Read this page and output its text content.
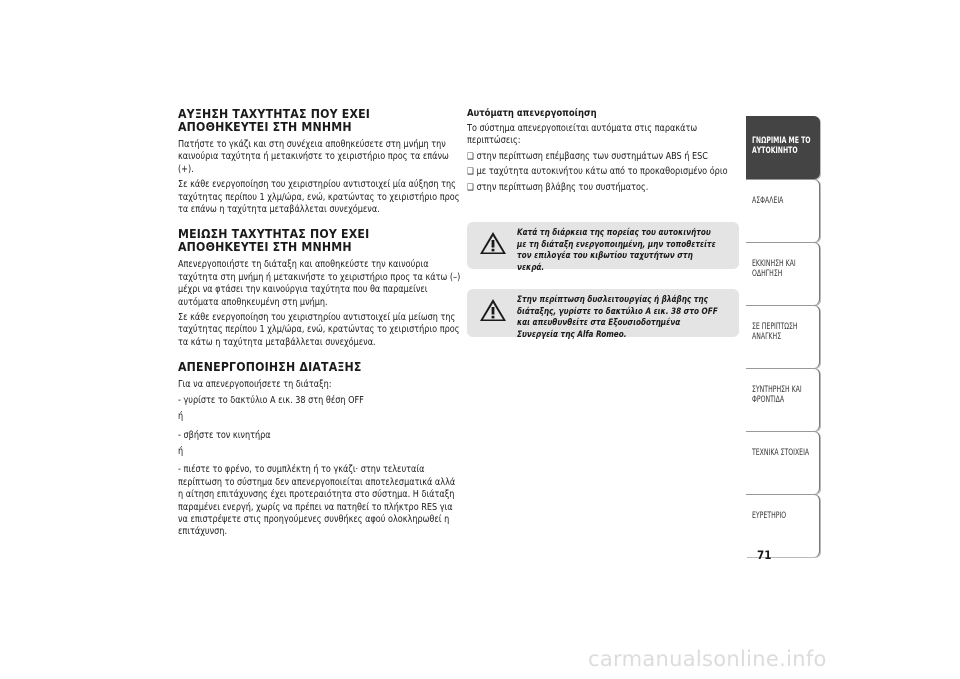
ΑΥΞΗΣΗ ΤΑΧΥΤΗΤΑΣ ΠΟΥ ΕΧΕΙ ΑΠΟΘΗΚΕΥΤΕΙ ΣΤΗ ΜΝΗΜΗ

Πατήστε το γκάζι και στη συνέχεια αποθηκεύσετε στη μνήμη την καινούρια ταχύτητα ή μετακινήστε το χειριστήριο προς τα επάνω (+).

Σε κάθε ενεργοποίηση του χειριστηρίου αντιστοιχεί μία αύξηση της ταχύτητας περίπου 1 χλμ/ώρα, ενώ, κρατώντας το χειριστήριο προς τα επάνω η ταχύτητα μεταβάλλεται συνεχόμενα.

ΜΕΙΩΣΗ ΤΑΧΥΤΗΤΑΣ ΠΟΥ ΕΧΕΙ ΑΠΟΘΗΚΕΥΤΕΙ ΣΤΗ ΜΝΗΜΗ

Απενεργοποιήστε τη διάταξη και αποθηκεύστε την καινούρια ταχύτητα στη μνήμη ή μετακινήστε το χειριστήριο προς τα κάτω (–) μέχρι να φτάσει την καινούργια ταχύτητα που θα παραμείνει αυτόματα αποθηκευμένη στη μνήμη.

Σε κάθε ενεργοποίηση του χειριστηρίου αντιστοιχεί μία μείωση της ταχύτητας περίπου 1 χλμ/ώρα, ενώ, κρατώντας το χειριστήριο προς τα κάτω η ταχύτητα μεταβάλλεται συνεχόμενα.

ΑΠΕΝΕΡΓΟΠΟΙΗΣΗ ΔΙΑΤΑΞΗΣ

Για να απενεργοποιήσετε τη διάταξη:

- γυρίστε το δακτύλιο A εικ. 38 στη θέση OFF

ή

- σβήστε τον κινητήρα

ή

- πιέστε το φρένο, το συμπλέκτη ή το γκάζι· στην τελευταία περίπτωση το σύστημα δεν απενεργοποιείται αποτελεσματικά αλλά η αίτηση επιτάχυνσης έχει προτεραιότητα στο σύστημα. Η διάταξη παραμένει ενεργή, χωρίς να πρέπει να πατηθεί το πλήκτρο RES για να επιστρέψετε στις προηγούμενες συνθήκες αφού ολοκληρωθεί η επιτάχυνση.

Αυτόματη απενεργοποίηση

Το σύστημα απενεργοποιείται αυτόματα στις παρακάτω περιπτώσεις:

❑ στην περίπτωση επέμβασης των συστημάτων ABS ή ESC

❑ με ταχύτητα αυτοκινήτου κάτω από το προκαθορισμένο όριο

❑ στην περίπτωση βλάβης του συστήματος.

Κατά τη διάρκεια της πορείας του αυτοκινήτου με τη διάταξη ενεργοποιημένη, μην τοποθετείτε τον επιλογέα του κιβωτίου ταχυτήτων στη νεκρά.
Στην περίπτωση δυσλειτουργίας ή βλάβης της διάταξης, γυρίστε το δακτύλιο A εικ. 38 στο OFF και απευθυνθείτε στα Εξουσιοδοτημένα Συνεργεία της Alfa Romeo.
ΓΝΩΡΙΜΙΑ ΜΕ ΤΟ ΑΥΤΟΚΙΝΗΤΟ
ΑΣΦΑΛΕΙΑ
ΕΚΚΙΝΗΣΗ ΚΑΙ ΟΔΗΓΗΣΗ
ΣΕ ΠΕΡΙΠΤΩΣΗ ΑΝΑΓΚΗΣ
ΣΥΝΤΗΡΗΣΗ ΚΑΙ ΦΡΟΝΤΙΔΑ
ΤΕΧΝΙΚΑ ΣΤΟΙΧΕΙΑ
ΕΥΡΕΤΗΡΙΟ
71
carmanualsonline.info
